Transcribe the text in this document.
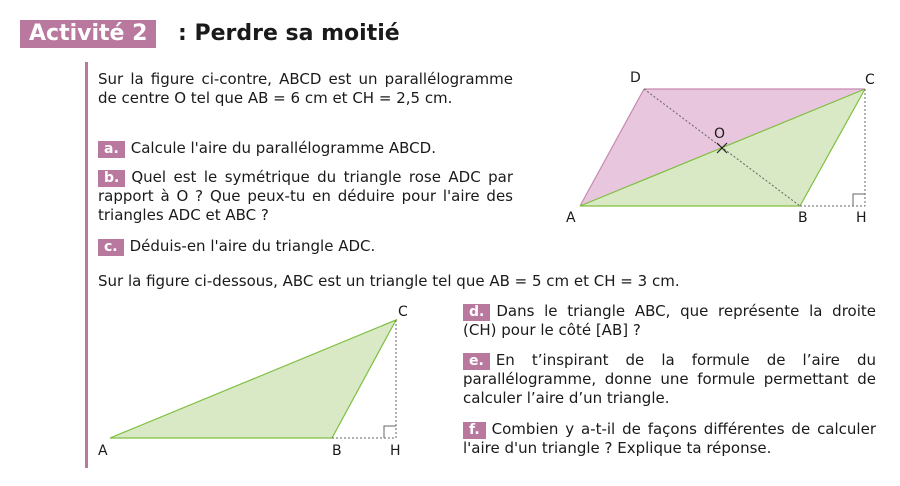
Activité 2	: Perdre sa moitié
Sur la figure ci-contre, ABCD est un parallélogramme de centre O tel que AB = 6 cm et CH = 2,5 cm.
a. Calcule l'aire du parallélogramme ABCD.
b. Quel est le symétrique du triangle rose ADC par rapport à O ? Que peux-tu en déduire pour l'aire des triangles ADC et ABC ?
c. Déduis-en l'aire du triangle ADC.
D	C
O
A	B	H
Sur la figure ci-dessous, ABC est un triangle tel que AB = 5 cm et CH = 3 cm.
C
A	B	H
d. Dans le triangle ABC, que représente la droite (CH) pour le côté [AB] ?
e. En t’inspirant de la formule de l’aire du parallélogramme, donne une formule permettant de calculer l’aire d’un triangle.
f. Combien y a-t-il de façons différentes de calculer l'aire d'un triangle ? Explique ta réponse.
